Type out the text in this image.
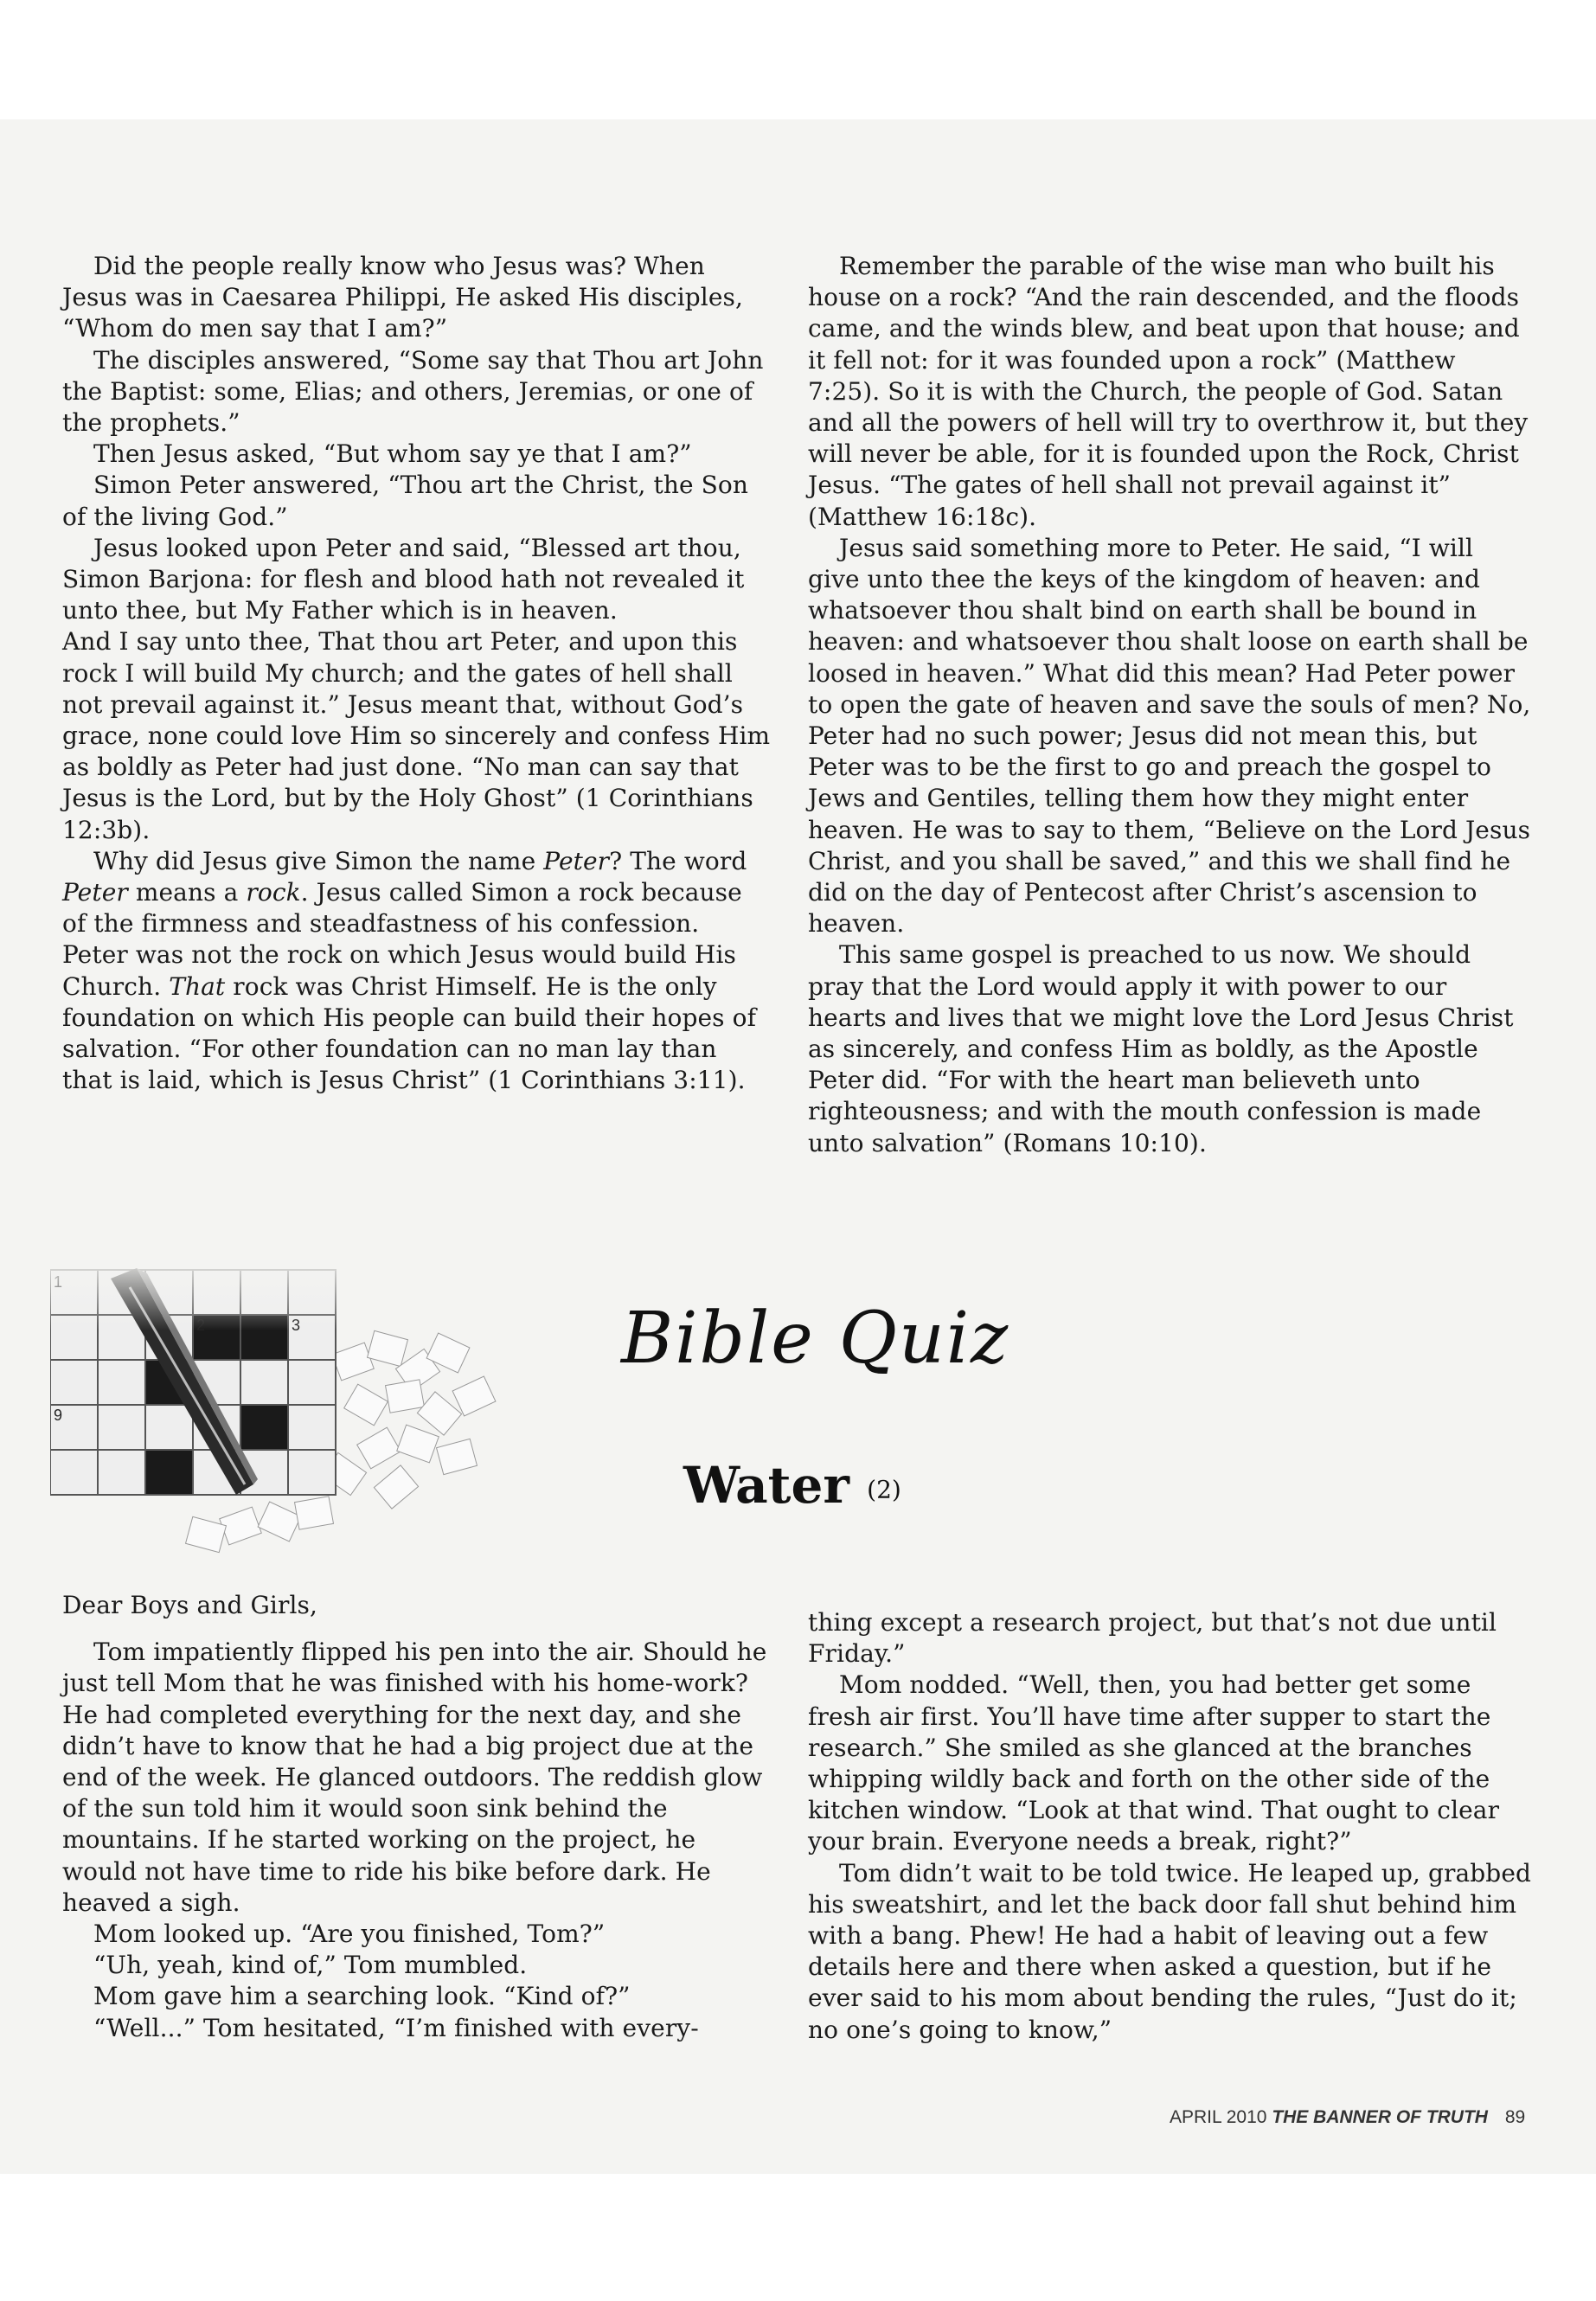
Did the people really know who Jesus was? When Jesus was in Caesarea Philippi, He asked His disciples, “Whom do men say that I am?”

The disciples answered, “Some say that Thou art John the Baptist: some, Elias; and others, Jeremias, or one of the prophets.”

Then Jesus asked, “But whom say ye that I am?”

Simon Peter answered, “Thou art the Christ, the Son of the living God.”

Jesus looked upon Peter and said, “Blessed art thou, Simon Barjona: for flesh and blood hath not revealed it unto thee, but My Father which is in heaven.

And I say unto thee, That thou art Peter, and upon this rock I will build My church; and the gates of hell shall not prevail against it.” Jesus meant that, without God’s grace, none could love Him so sincerely and confess Him as boldly as Peter had just done. “No man can say that Jesus is the Lord, but by the Holy Ghost” (1 Corinthians 12:3b).

Why did Jesus give Simon the name Peter? The word Peter means a rock. Jesus called Simon a rock because of the firmness and steadfastness of his confession. Peter was not the rock on which Jesus would build His Church. That rock was Christ Himself. He is the only foundation on which His people can build their hopes of salvation. “For other foundation can no man lay than that is laid, which is Jesus Christ” (1 Corinthians 3:11).

Remember the parable of the wise man who built his house on a rock? “And the rain descended, and the floods came, and the winds blew, and beat upon that house; and it fell not: for it was founded upon a rock” (Matthew 7:25). So it is with the Church, the people of God. Satan and all the powers of hell will try to overthrow it, but they will never be able, for it is founded upon the Rock, Christ Jesus. “The gates of hell shall not prevail against it” (Matthew 16:18c).

Jesus said something more to Peter. He said, “I will give unto thee the keys of the kingdom of heaven: and whatsoever thou shalt bind on earth shall be bound in heaven: and whatsoever thou shalt loose on earth shall be loosed in heaven.” What did this mean? Had Peter power to open the gate of heaven and save the souls of men? No, Peter had no such power; Jesus did not mean this, but Peter was to be the first to go and preach the gospel to Jews and Gentiles, telling them how they might enter heaven. He was to say to them, “Believe on the Lord Jesus Christ, and you shall be saved,” and this we shall find he did on the day of Pentecost after Christ’s ascension to heaven.

This same gospel is preached to us now. We should pray that the Lord would apply it with power to our hearts and lives that we might love the Lord Jesus Christ as sincerely, and confess Him as boldly, as the Apostle Peter did. “For with the heart man believeth unto righteousness; and with the mouth confession is made unto salvation” (Romans 10:10).

Bible Quiz
Water (2)

Dear Boys and Girls,

Tom impatiently flipped his pen into the air. Should he just tell Mom that he was finished with his home-work? He had completed everything for the next day, and she didn’t have to know that he had a big project due at the end of the week. He glanced outdoors. The reddish glow of the sun told him it would soon sink behind the mountains. If he started working on the project, he would not have time to ride his bike before dark. He heaved a sigh.

Mom looked up. “Are you finished, Tom?”

“Uh, yeah, kind of,” Tom mumbled.

Mom gave him a searching look. “Kind of?”

“Well...” Tom hesitated, “I’m finished with every-

thing except a research project, but that’s not due until Friday.”

Mom nodded. “Well, then, you had better get some fresh air first. You’ll have time after supper to start the research.” She smiled as she glanced at the branches whipping wildly back and forth on the other side of the kitchen window. “Look at that wind. That ought to clear your brain. Everyone needs a break, right?”

Tom didn’t wait to be told twice. He leaped up, grabbed his sweatshirt, and let the back door fall shut behind him with a bang. Phew! He had a habit of leaving out a few details here and there when asked a question, but if he ever said to his mom about bending the rules, “Just do it; no one’s going to know,”

APRIL 2010 THE BANNER OF TRUTH 89
